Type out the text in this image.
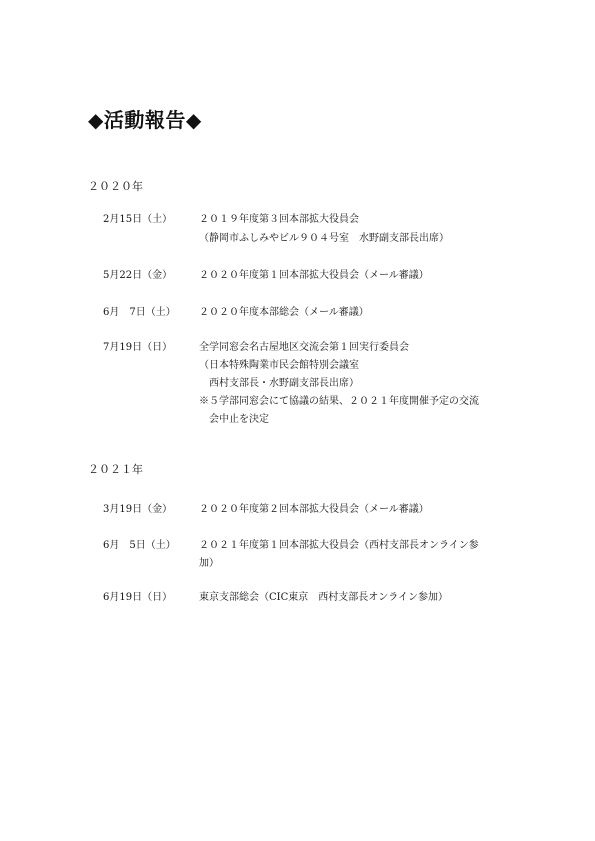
◆活動報告◆
２０２０年
2月15日（土）	２０１９年度第３回本部拡大役員会
（静岡市ふしみやビル９０４号室　水野副支部長出席）
5月22日（金）	２０２０年度第１回本部拡大役員会（メール審議）
6月　7日（土） ２０２０年度本部総会（メール審議）
7月19日（日）	全学同窓会名古屋地区交流会第１回実行委員会
（日本特殊陶業市民会館特別会議室
　西村支部長・水野副支部長出席）
※５学部同窓会にて協議の結果、２０２１年度開催予定の交流
　会中止を決定
２０２１年
3月19日（金）	２０２０年度第２回本部拡大役員会（メール審議）
6月　5日（土） ２０２１年度第１回本部拡大役員会（西村支部長オンライン参
加）
6月19日（日）	東京支部総会（CIC東京　西村支部長オンライン参加）
